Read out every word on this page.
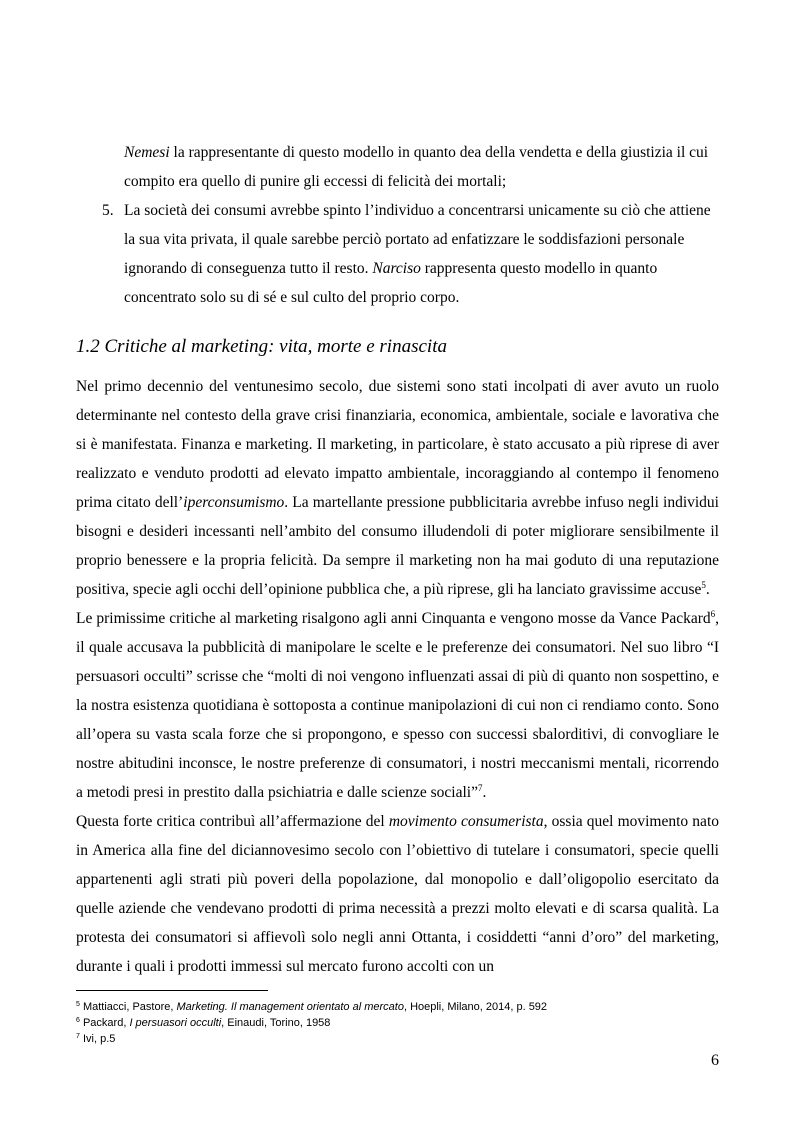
Nemesi la rappresentante di questo modello in quanto dea della vendetta e della giustizia il cui compito era quello di punire gli eccessi di felicità dei mortali;
5. La società dei consumi avrebbe spinto l’individuo a concentrarsi unicamente su ciò che attiene la sua vita privata, il quale sarebbe perciò portato ad enfatizzare le soddisfazioni personale ignorando di conseguenza tutto il resto. Narciso rappresenta questo modello in quanto concentrato solo su di sé e sul culto del proprio corpo.
1.2 Critiche al marketing: vita, morte e rinascita

Nel primo decennio del ventunesimo secolo, due sistemi sono stati incolpati di aver avuto un ruolo determinante nel contesto della grave crisi finanziaria, economica, ambientale, sociale e lavorativa che si è manifestata. Finanza e marketing. Il marketing, in particolare, è stato accusato a più riprese di aver realizzato e venduto prodotti ad elevato impatto ambientale, incoraggiando al contempo il fenomeno prima citato dell’iperconsumismo. La martellante pressione pubblicitaria avrebbe infuso negli individui bisogni e desideri incessanti nell’ambito del consumo illudendoli di poter migliorare sensibilmente il proprio benessere e la propria felicità. Da sempre il marketing non ha mai goduto di una reputazione positiva, specie agli occhi dell’opinione pubblica che, a più riprese, gli ha lanciato gravissime accuse$^5$.

Le primissime critiche al marketing risalgono agli anni Cinquanta e vengono mosse da Vance Packard$^6$, il quale accusava la pubblicità di manipolare le scelte e le preferenze dei consumatori. Nel suo libro “I persuasori occulti” scrisse che “molti di noi vengono influenzati assai di più di quanto non sospettino, e la nostra esistenza quotidiana è sottoposta a continue manipolazioni di cui non ci rendiamo conto. Sono all’opera su vasta scala forze che si propongono, e spesso con successi sbalorditivi, di convogliare le nostre abitudini inconsce, le nostre preferenze di consumatori, i nostri meccanismi mentali, ricorrendo a metodi presi in prestito dalla psichiatria e dalle scienze sociali”$^7$.

Questa forte critica contribuì all’affermazione del movimento consumerista, ossia quel movimento nato in America alla fine del diciannovesimo secolo con l’obiettivo di tutelare i consumatori, specie quelli appartenenti agli strati più poveri della popolazione, dal monopolio e dall’oligopolio esercitato da quelle aziende che vendevano prodotti di prima necessità a prezzi molto elevati e di scarsa qualità. La protesta dei consumatori si affievolì solo negli anni Ottanta, i cosiddetti “anni d’oro” del marketing, durante i quali i prodotti immessi sul mercato furono accolti con un

$^5$ Mattiacci, Pastore, Marketing. Il management orientato al mercato, Hoepli, Milano, 2014, p. 592
$^6$ Packard, I persuasori occulti, Einaudi, Torino, 1958
$^7$ Ivi, p.5
6
